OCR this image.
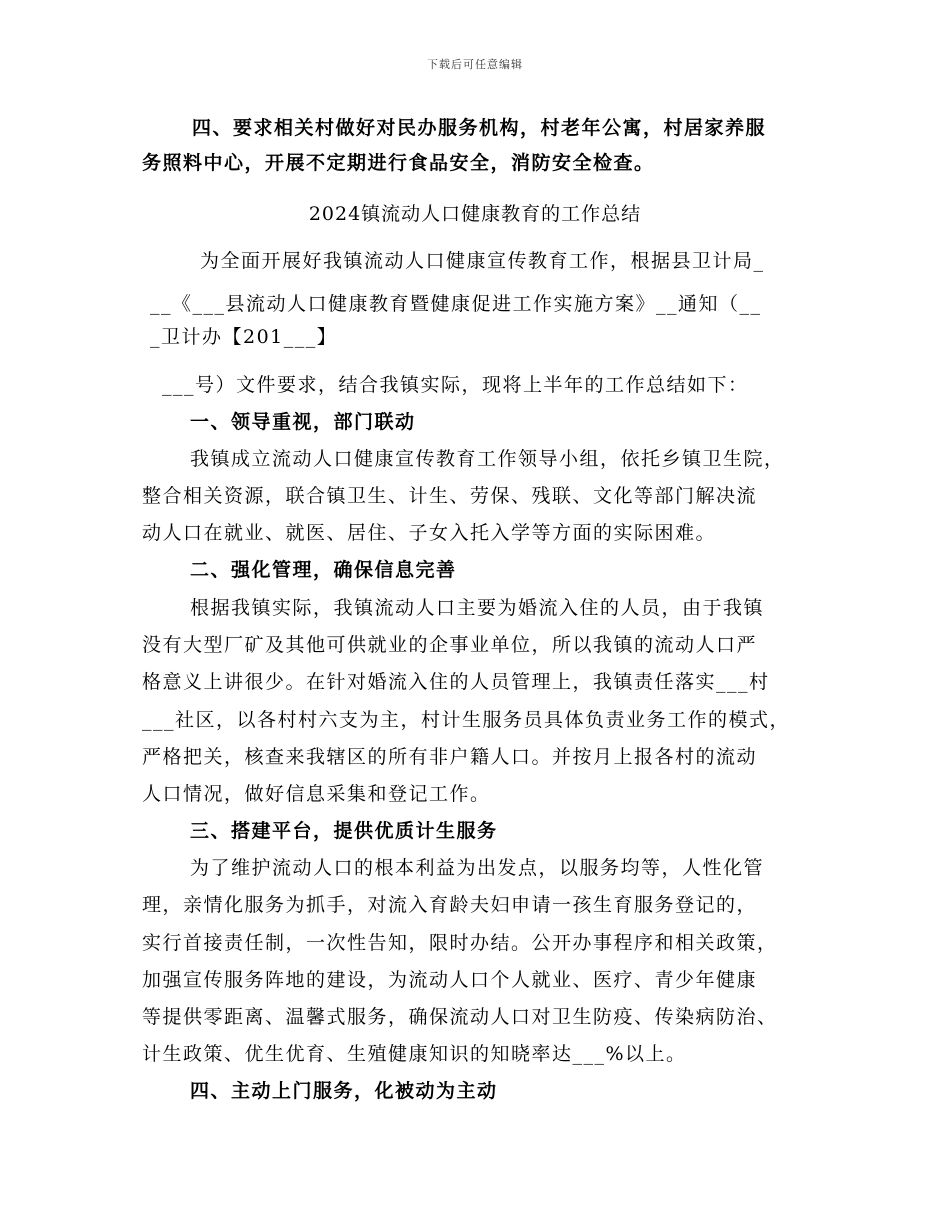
下载后可任意编辑
四、要求相关村做好对民办服务机构，村老年公寓，村居家养服
务照料中心，开展不定期进行食品安全，消防安全检查。
2024镇流动人口健康教育的工作总结
为全面开展好我镇流动人口健康宣传教育工作，根据县卫计局_
__《___县流动人口健康教育暨健康促进工作实施方案》__通知（__
_卫计办【201___】
___号）文件要求，结合我镇实际，现将上半年的工作总结如下：
一、领导重视，部门联动
我镇成立流动人口健康宣传教育工作领导小组，依托乡镇卫生院，
整合相关资源，联合镇卫生、计生、劳保、残联、文化等部门解决流
动人口在就业、就医、居住、子女入托入学等方面的实际困难。
二、强化管理，确保信息完善
根据我镇实际，我镇流动人口主要为婚流入住的人员，由于我镇
没有大型厂矿及其他可供就业的企事业单位，所以我镇的流动人口严
格意义上讲很少。在针对婚流入住的人员管理上，我镇责任落实___村
___社区，以各村村六支为主，村计生服务员具体负责业务工作的模式，
严格把关，核查来我辖区的所有非户籍人口。并按月上报各村的流动
人口情况，做好信息采集和登记工作。
三、搭建平台，提供优质计生服务
为了维护流动人口的根本利益为出发点，以服务均等，人性化管
理，亲情化服务为抓手，对流入育龄夫妇申请一孩生育服务登记的，
实行首接责任制，一次性告知，限时办结。公开办事程序和相关政策，
加强宣传服务阵地的建设，为流动人口个人就业、医疗、青少年健康
等提供零距离、温馨式服务，确保流动人口对卫生防疫、传染病防治、
计生政策、优生优育、生殖健康知识的知晓率达___%以上。
四、主动上门服务，化被动为主动
